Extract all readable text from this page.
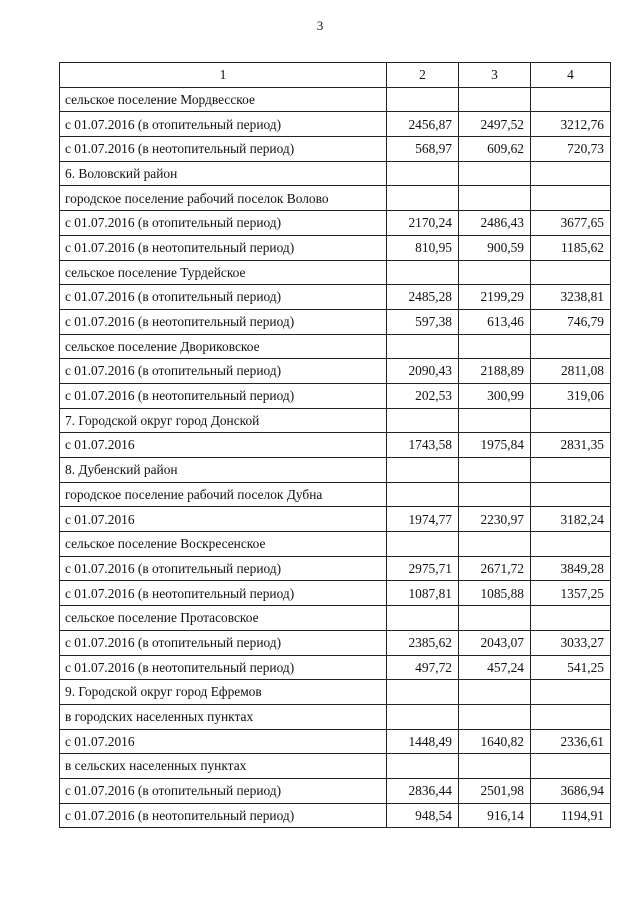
3
1	2	3	4
сельское поселение Мордвесское			
с 01.07.2016 (в отопительный период)	2456,87	2497,52	3212,76
с 01.07.2016 (в неотопительный период)	568,97	609,62	720,73
6. Воловский район			
городское поселение рабочий поселок Волово			
с 01.07.2016 (в отопительный период)	2170,24	2486,43	3677,65
с 01.07.2016 (в неотопительный период)	810,95	900,59	1185,62
сельское поселение Турдейское			
с 01.07.2016 (в отопительный период)	2485,28	2199,29	3238,81
с 01.07.2016 (в неотопительный период)	597,38	613,46	746,79
сельское поселение Двориковское			
с 01.07.2016 (в отопительный период)	2090,43	2188,89	2811,08
с 01.07.2016 (в неотопительный период)	202,53	300,99	319,06
7. Городской округ город Донской			
с 01.07.2016	1743,58	1975,84	2831,35
8. Дубенский район			
городское поселение рабочий поселок Дубна			
с 01.07.2016	1974,77	2230,97	3182,24
сельское поселение Воскресенское			
с 01.07.2016 (в отопительный период)	2975,71	2671,72	3849,28
с 01.07.2016 (в неотопительный период)	1087,81	1085,88	1357,25
сельское поселение Протасовское			
с 01.07.2016 (в отопительный период)	2385,62	2043,07	3033,27
с 01.07.2016 (в неотопительный период)	497,72	457,24	541,25
9. Городской округ город Ефремов			
в городских населенных пунктах			
с 01.07.2016	1448,49	1640,82	2336,61
в сельских населенных пунктах			
с 01.07.2016 (в отопительный период)	2836,44	2501,98	3686,94
с 01.07.2016 (в неотопительный период)	948,54	916,14	1194,91
